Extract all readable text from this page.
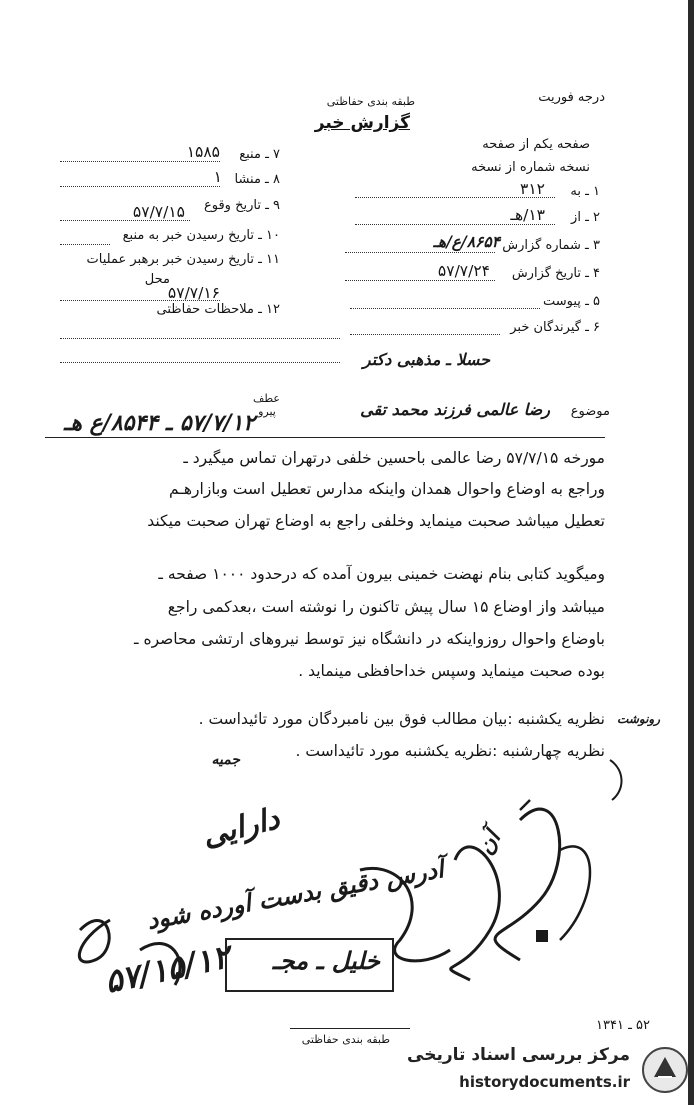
درجه فوریت
طبقه بندی حفاظتی
گزارش خبر
صفحه یکم از صفحه
نسخه شماره از نسخه
۱ ـ به
۳۱۲
۲ ـ از
۱۳/هـ
۳ ـ شماره گزارش
۸۶۵۴/ع/هـ
۴ ـ تاریخ گزارش
۵۷/۷/۲۴
۵ ـ پیوست
۶ ـ گیرندگان خبر
۷ ـ منبع
۱۵۸۵
۸ ـ منشا
۱
۹ ـ تاریخ وقوع
۵۷/۷/۱۵
۱۰ ـ تاریخ رسیدن خبر به منبع
۱۱ ـ تاریخ رسیدن خبر برهبر عملیات
محل
۵۷/۷/۱۶
۱۲ ـ ملاحظات حفاظتی
حسلا ـ مذهبی دکتر
عطف پیرو
۵۷/۷/۱۲ ـ ۸۵۴۴/ع هـ	موضوع
رضا عالمی فرزند محمد تقی
مورخه ۵۷/۷/۱۵ رضا عالمی باحسین خلفی درتهران تماس میگیرد ـ
وراجع به اوضاع واحوال همدان واینکه مدارس تعطیل است وبازارهـم
تعطیل میباشد صحبت مینماید وخلفی راجع به اوضاع تهران صحبت میکند
ومیگوید کتابی بنام نهضت خمینی بیرون آمده که درحدود ۱۰۰۰ صفحه ـ
میباشد واز اوضاع ۱۵ سال پیش تاکنون را نوشته است ،بعدکمی راجع
باوضاع واحوال روزواینکه در دانشگاه نیز توسط نیروهای ارتشی محاصره ـ
بوده صحبت مینماید وسپس خداحافظی مینماید .
نظریه یکشنبه :بیان مطالب فوق بین نامبردگان مورد تائیداست . رونوشت
نظریه چهارشنبه :نظریه یکشنبه مورد تائیداست .
جمیه
دارایی
آدرس دقیق بدست آورده شود
آن
۵۷/۱۵/۱۲ خلیل ـ مجـ
۵۲ ـ ۱۳۴۱
طبقه بندی حفاظتی
مرکز بررسی اسناد تاریخی
historydocuments.ir
